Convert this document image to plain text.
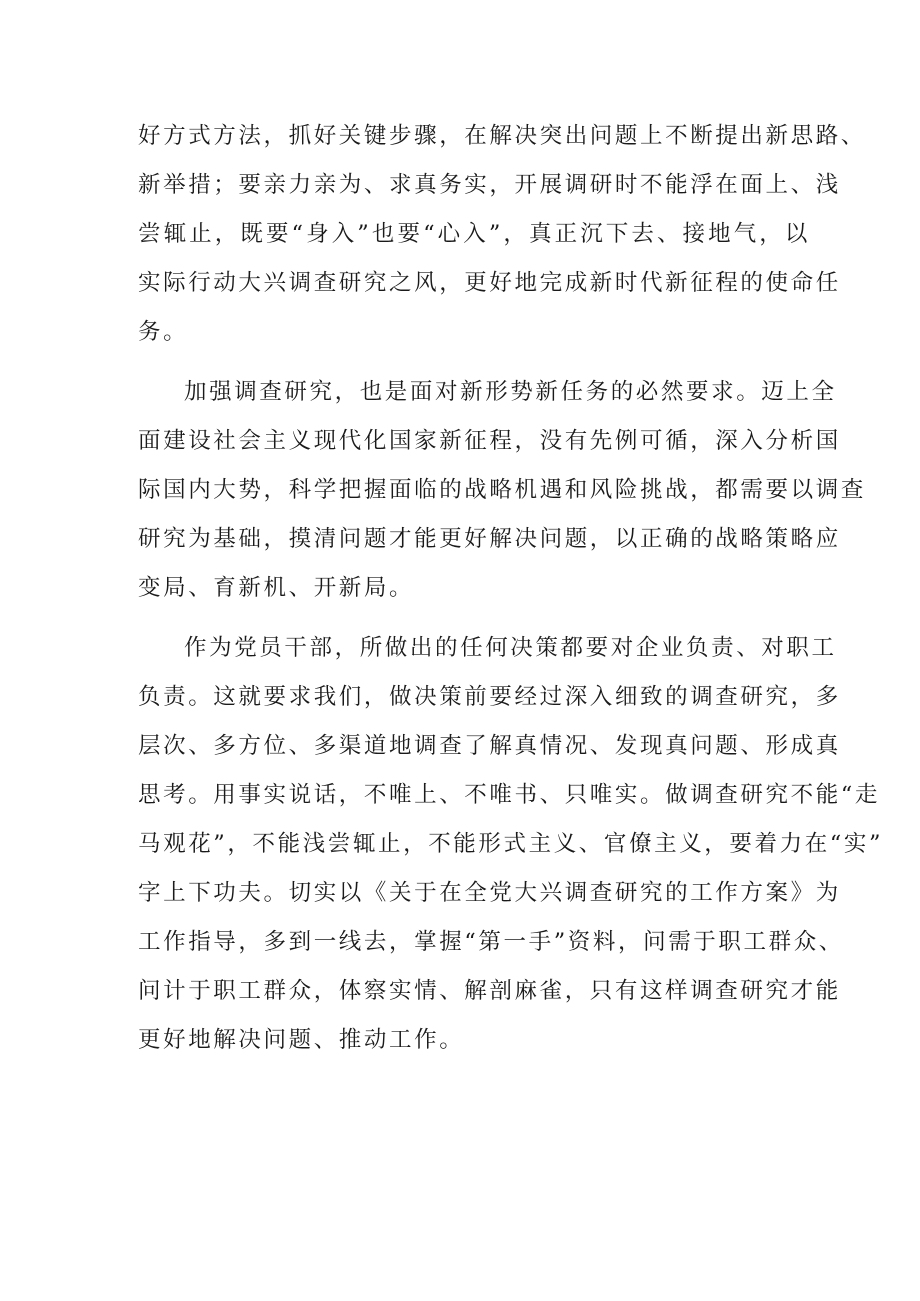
好方式方法，抓好关键步骤，在解决突出问题上不断提出新思路、
新举措；要亲力亲为、求真务实，开展调研时不能浮在面上、浅
尝辄止，既要“身入”也要“心入”，真正沉下去、接地气，以
实际行动大兴调查研究之风，更好地完成新时代新征程的使命任
务。
加强调查研究，也是面对新形势新任务的必然要求。迈上全
面建设社会主义现代化国家新征程，没有先例可循，深入分析国
际国内大势，科学把握面临的战略机遇和风险挑战，都需要以调查
研究为基础，摸清问题才能更好解决问题，以正确的战略策略应
变局、育新机、开新局。
作为党员干部，所做出的任何决策都要对企业负责、对职工
负责。这就要求我们，做决策前要经过深入细致的调查研究，多
层次、多方位、多渠道地调查了解真情况、发现真问题、形成真
思考。用事实说话，不唯上、不唯书、只唯实。做调查研究不能“走
马观花”，不能浅尝辄止，不能形式主义、官僚主义，要着力在“实”
字上下功夫。切实以《关于在全党大兴调查研究的工作方案》为
工作指导，多到一线去，掌握“第一手”资料，问需于职工群众、
问计于职工群众，体察实情、解剖麻雀，只有这样调查研究才能
更好地解决问题、推动工作。
